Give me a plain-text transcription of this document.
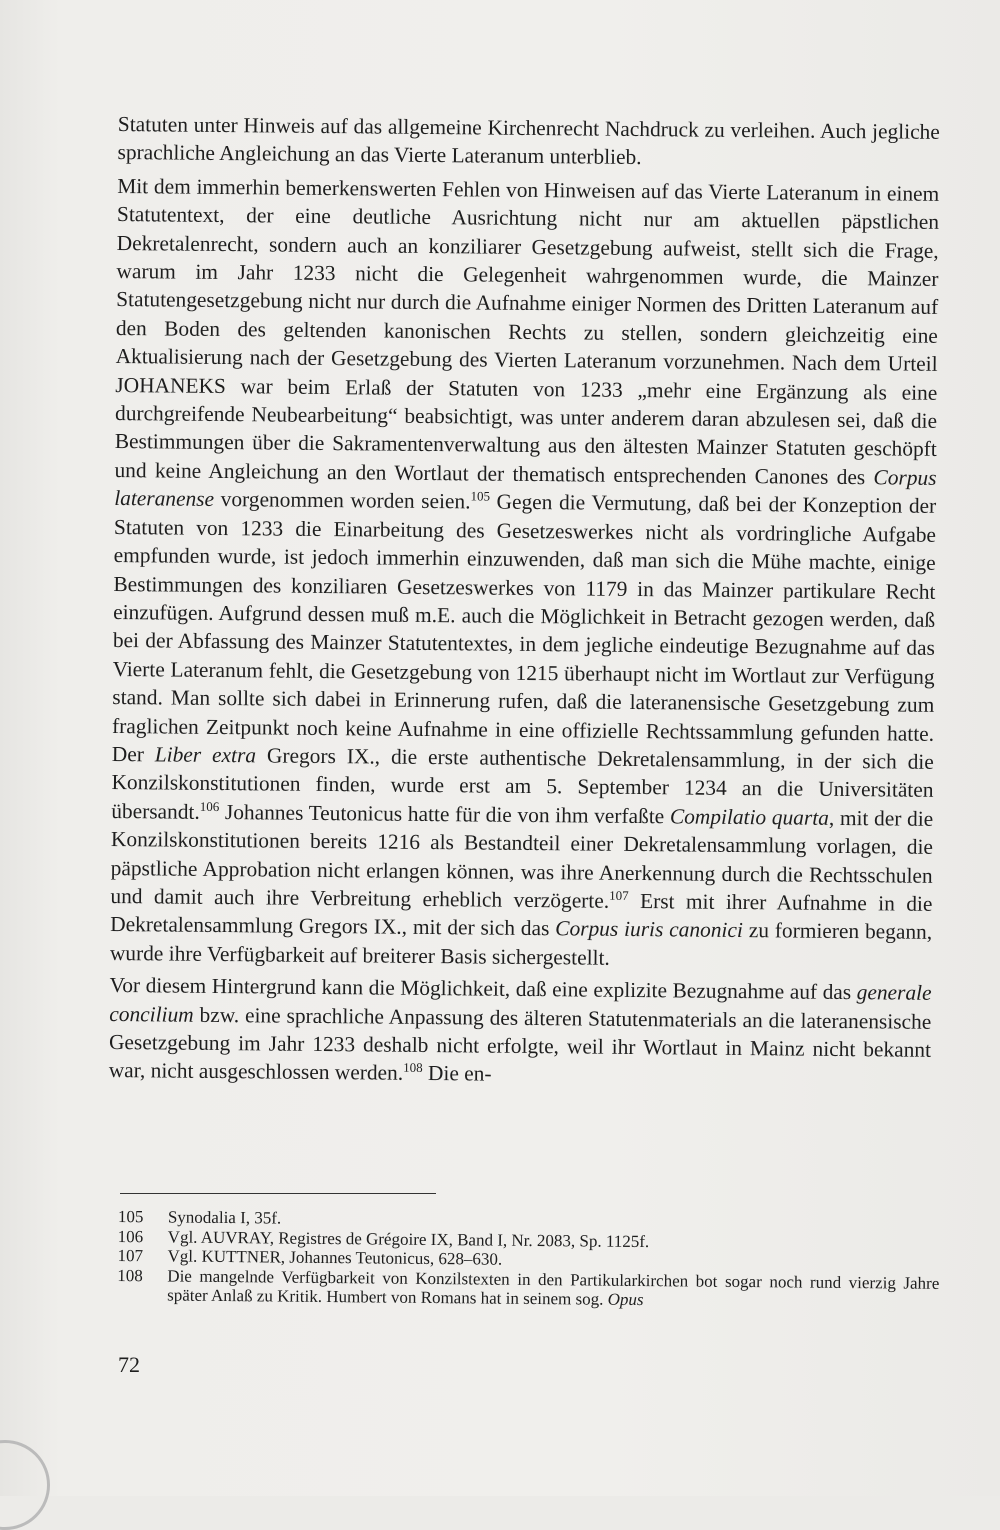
Statuten unter Hinweis auf das allgemeine Kirchenrecht Nachdruck zu verleihen. Auch jegliche sprachliche Angleichung an das Vierte Lateranum unterblieb.

Mit dem immerhin bemerkenswerten Fehlen von Hinweisen auf das Vierte Lateranum in einem Statutentext, der eine deutliche Ausrichtung nicht nur am aktuellen päpstlichen Dekretalenrecht, sondern auch an konziliarer Gesetzgebung aufweist, stellt sich die Frage, warum im Jahr 1233 nicht die Gelegenheit wahrgenommen wurde, die Mainzer Statutengesetzgebung nicht nur durch die Aufnahme einiger Normen des Dritten Lateranum auf den Boden des geltenden kanonischen Rechts zu stellen, sondern gleichzeitig eine Aktualisierung nach der Gesetzgebung des Vierten Lateranum vorzunehmen. Nach dem Urteil JOHANEKS war beim Erlaß der Statuten von 1233 „mehr eine Ergänzung als eine durchgreifende Neubearbeitung“ beabsichtigt, was unter anderem daran abzulesen sei, daß die Bestimmungen über die Sakramentenverwaltung aus den ältesten Mainzer Statuten geschöpft und keine Angleichung an den Wortlaut der thematisch entsprechenden Canones des Corpus lateranense vorgenommen worden seien.$^{105}$ Gegen die Vermutung, daß bei der Konzeption der Statuten von 1233 die Einarbeitung des Gesetzeswerkes nicht als vordringliche Aufgabe empfunden wurde, ist jedoch immerhin einzuwenden, daß man sich die Mühe machte, einige Bestimmungen des konziliaren Gesetzeswerkes von 1179 in das Mainzer partikulare Recht einzufügen. Aufgrund dessen muß m.E. auch die Möglichkeit in Betracht gezogen werden, daß bei der Abfassung des Mainzer Statutentextes, in dem jegliche eindeutige Bezugnahme auf das Vierte Lateranum fehlt, die Gesetzgebung von 1215 überhaupt nicht im Wortlaut zur Verfügung stand. Man sollte sich dabei in Erinnerung rufen, daß die lateranensische Gesetzgebung zum fraglichen Zeitpunkt noch keine Aufnahme in eine offizielle Rechtssammlung gefunden hatte. Der Liber extra Gregors IX., die erste authentische Dekretalensammlung, in der sich die Konzilskonstitutionen finden, wurde erst am 5. September 1234 an die Universitäten übersandt.$^{106}$ Johannes Teutonicus hatte für die von ihm verfaßte Compilatio quarta, mit der die Konzilskonstitutionen bereits 1216 als Bestandteil einer Dekretalensammlung vorlagen, die päpstliche Approbation nicht erlangen können, was ihre Anerkennung durch die Rechtsschulen und damit auch ihre Verbreitung erheblich verzögerte.$^{107}$ Erst mit ihrer Aufnahme in die Dekretalensammlung Gregors IX., mit der sich das Corpus iuris canonici zu formieren begann, wurde ihre Verfügbarkeit auf breiterer Basis sichergestellt.

Vor diesem Hintergrund kann die Möglichkeit, daß eine explizite Bezugnahme auf das generale concilium bzw. eine sprachliche Anpassung des älteren Statutenmaterials an die lateranensische Gesetzgebung im Jahr 1233 deshalb nicht erfolgte, weil ihr Wortlaut in Mainz nicht bekannt war, nicht ausgeschlossen werden.$^{108}$ Die en-

105	Synodalia I, 35f.
106	Vgl. AUVRAY, Registres de Grégoire IX, Band I, Nr. 2083, Sp. 1125f.
107	Vgl. KUTTNER, Johannes Teutonicus, 628–630.
108	Die mangelnde Verfügbarkeit von Konzilstexten in den Partikularkirchen bot sogar noch rund vierzig Jahre später Anlaß zu Kritik. Humbert von Romans hat in seinem sog. Opus
72
